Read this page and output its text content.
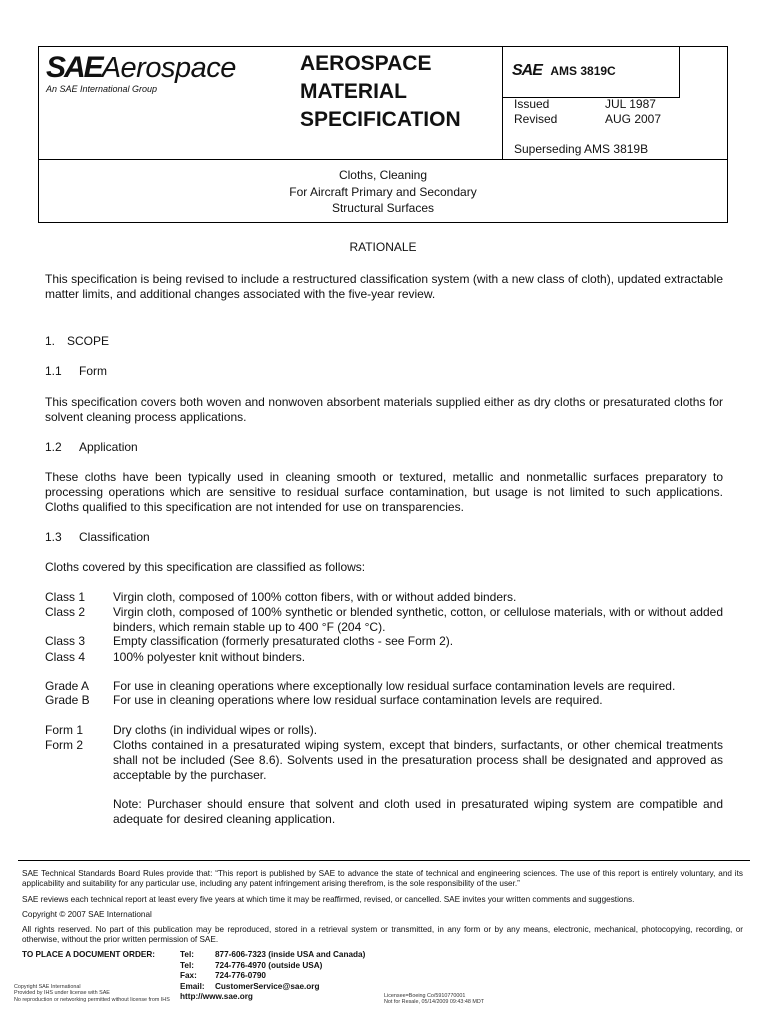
SAEAerospace
An SAE International Group
AEROSPACE
MATERIAL
SPECIFICATION
SAE AMS 3819C
Issued	JUL 1987
Revised	AUG 2007
Superseding AMS 3819B
Cloths, Cleaning
For Aircraft Primary and Secondary
Structural Surfaces
RATIONALE
This specification is being revised to include a restructured classification system (with a new class of cloth), updated extractable matter limits, and additional changes associated with the five-year review.
1. SCOPE
1.1 Form
This specification covers both woven and nonwoven absorbent materials supplied either as dry cloths or presaturated cloths for solvent cleaning process applications.
1.2 Application
These cloths have been typically used in cleaning smooth or textured, metallic and nonmetallic surfaces preparatory to processing operations which are sensitive to residual surface contamination, but usage is not limited to such applications. Cloths qualified to this specification are not intended for use on transparencies.
1.3 Classification
Cloths covered by this specification are classified as follows:
Class 1	Virgin cloth, composed of 100% cotton fibers, with or without added binders.
Class 2	Virgin cloth, composed of 100% synthetic or blended synthetic, cotton, or cellulose materials, with or without added binders, which remain stable up to 400 °F (204 °C).
Class 3	Empty classification (formerly presaturated cloths - see Form 2).
Class 4	100% polyester knit without binders.
Grade A	For use in cleaning operations where exceptionally low residual surface contamination levels are required.
Grade B	For use in cleaning operations where low residual surface contamination levels are required.
Form 1	Dry cloths (in individual wipes or rolls).
Form 2	Cloths contained in a presaturated wiping system, except that binders, surfactants, or other chemical treatments shall not be included (See 8.6). Solvents used in the presaturation process shall be designated and approved as acceptable by the purchaser.
Note: Purchaser should ensure that solvent and cloth used in presaturated wiping system are compatible and adequate for desired cleaning application.
SAE Technical Standards Board Rules provide that: “This report is published by SAE to advance the state of technical and engineering sciences. The use of this report is entirely voluntary, and its applicability and suitability for any particular use, including any patent infringement arising therefrom, is the sole responsibility of the user.”
SAE reviews each technical report at least every five years at which time it may be reaffirmed, revised, or cancelled. SAE invites your written comments and suggestions.
Copyright © 2007 SAE International
All rights reserved. No part of this publication may be reproduced, stored in a retrieval system or transmitted, in any form or by any means, electronic, mechanical, photocopying, recording, or otherwise, without the prior written permission of SAE.
TO PLACE A DOCUMENT ORDER:	Tel:	877-606-7323 (inside USA and Canada)
Tel:	724-776-4970 (outside USA)
Fax: 724-776-0790
Email: CustomerService@sae.org
http://www.sae.org
Copyright SAE International
Provided by IHS under license with SAE
No reproduction or networking permitted without license from IHS
Licensee=Boeing Co/5910770001
Not for Resale, 05/14/2009 09:43:48 MDT
